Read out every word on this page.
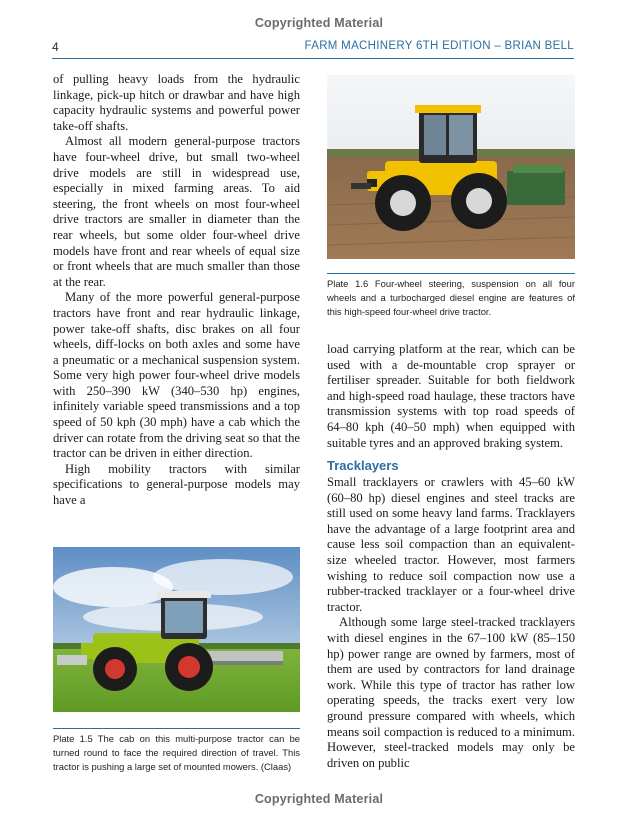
Copyrighted Material
4	FARM MACHINERY 6TH EDITION – BRIAN BELL

of pulling heavy loads from the hydraulic linkage, pick-up hitch or drawbar and have high capacity hydraulic systems and powerful power take-off shafts.

Almost all modern general-purpose tractors have four-wheel drive, but small two-wheel drive models are still in widespread use, especially in mixed farming areas. To aid steering, the front wheels on most four-wheel drive tractors are smaller in diameter than the rear wheels, but some older four-wheel drive models have front and rear wheels of equal size or front wheels that are much smaller than those at the rear.

Many of the more powerful general-purpose tractors have front and rear hydraulic linkage, power take-off shafts, disc brakes on all four wheels, diff-locks on both axles and some have a pneumatic or a mechanical suspension system. Some very high power four-wheel drive models with 250–390 kW (340–530 hp) engines, infinitely variable speed transmissions and a top speed of 50 kph (30 mph) have a cab which the driver can rotate from the driving seat so that the tractor can be driven in either direction.

High mobility tractors with similar specifications to general-purpose models may have a

Plate 1.6 Four-wheel steering, suspension on all four wheels and a turbocharged diesel engine are features of this high-speed four-wheel drive tractor.

load carrying platform at the rear, which can be used with a de-mountable crop sprayer or fertiliser spreader. Suitable for both fieldwork and high-speed road haulage, these tractors have transmission systems with top road speeds of 64–80 kph (40–50 mph) when equipped with suitable tyres and an approved braking system.

Tracklayers

Small tracklayers or crawlers with 45–60 kW (60–80 hp) diesel engines and steel tracks are still used on some heavy land farms. Tracklayers have the advantage of a large footprint area and cause less soil compaction than an equivalent-size wheeled tractor. However, most farmers wishing to reduce soil compaction now use a rubber-tracked tracklayer or a four-wheel drive tractor.

Although some large steel-tracked tracklayers with diesel engines in the 67–100 kW (85–150 hp) power range are owned by farmers, most of them are used by contractors for land drainage work. While this type of tractor has rather low operating speeds, the tracks exert very low ground pressure compared with wheels, which means soil compaction is reduced to a minimum. However, steel-tracked models may only be driven on public

Plate 1.5 The cab on this multi-purpose tractor can be turned round to face the required direction of travel. This tractor is pushing a large set of mounted mowers. (Claas)
Copyrighted Material
